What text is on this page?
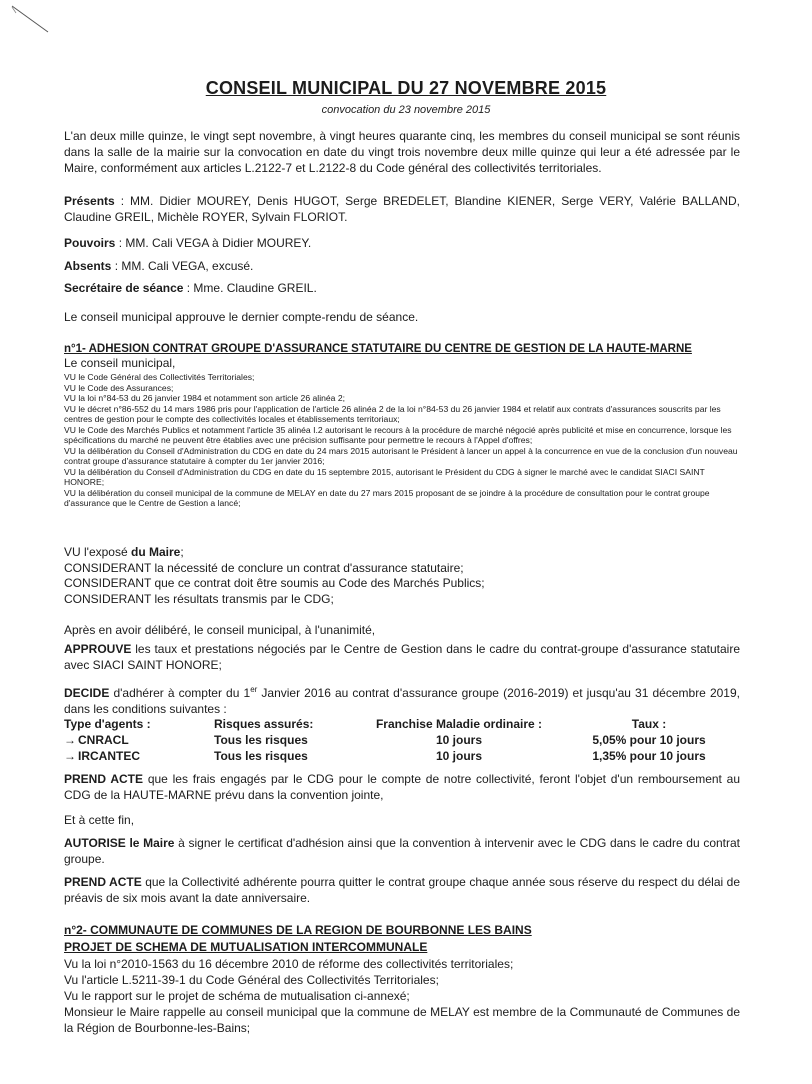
CONSEIL MUNICIPAL DU 27 NOVEMBRE 2015
convocation du 23 novembre 2015
L'an deux mille quinze, le vingt sept novembre, à vingt heures quarante cinq, les membres du conseil municipal se sont réunis dans la salle de la mairie sur la convocation en date du vingt trois novembre deux mille quinze qui leur a été adressée par le Maire, conformément aux articles L.2122-7 et L.2122-8 du Code général des collectivités territoriales.
Présents : MM. Didier MOUREY, Denis HUGOT, Serge BREDELET, Blandine KIENER, Serge VERY, Valérie BALLAND, Claudine GREIL, Michèle ROYER, Sylvain FLORIOT.
Pouvoirs : MM. Cali VEGA à Didier MOUREY.
Absents : MM. Cali VEGA, excusé.
Secrétaire de séance : Mme. Claudine GREIL.
Le conseil municipal approuve le dernier compte-rendu de séance.
n°1- ADHESION CONTRAT GROUPE D'ASSURANCE STATUTAIRE DU CENTRE DE GESTION DE LA HAUTE-MARNE
Le conseil municipal,

VU le Code Général des Collectivités Territoriales;

VU le Code des Assurances;

VU la loi n°84-53 du 26 janvier 1984 et notamment son article 26 alinéa 2;

VU le décret n°86-552 du 14 mars 1986 pris pour l'application de l'article 26 alinéa 2 de la loi n°84-53 du 26 janvier 1984 et relatif aux contrats d'assurances souscrits par les centres de gestion pour le compte des collectivités locales et établissements territoriaux;

VU le Code des Marchés Publics et notamment l'article 35 alinéa I.2 autorisant le recours à la procédure de marché négocié après publicité et mise en concurrence, lorsque les spécifications du marché ne peuvent être établies avec une précision suffisante pour permettre le recours à l'Appel d'offres;

VU la délibération du Conseil d'Administration du CDG en date du 24 mars 2015 autorisant le Président à lancer un appel à la concurrence en vue de la conclusion d'un nouveau contrat groupe d'assurance statutaire à compter du 1er janvier 2016;

VU la délibération du Conseil d'Administration du CDG en date du 15 septembre 2015, autorisant le Président du CDG à signer le marché avec le candidat SIACI SAINT HONORE;

VU la délibération du conseil municipal de la commune de MELAY en date du 27 mars 2015 proposant de se joindre à la procédure de consultation pour le contrat groupe d'assurance que le Centre de Gestion a lancé;

VU l'exposé du Maire;

CONSIDERANT la nécessité de conclure un contrat d'assurance statutaire;

CONSIDERANT que ce contrat doit être soumis au Code des Marchés Publics;

CONSIDERANT les résultats transmis par le CDG;

Après en avoir délibéré, le conseil municipal, à l'unanimité,
APPROUVE les taux et prestations négociés par le Centre de Gestion dans le cadre du contrat-groupe d'assurance statutaire avec SIACI SAINT HONORE;
DECIDE d'adhérer à compter du 1er Janvier 2016 au contrat d'assurance groupe (2016-2019) et jusqu'au 31 décembre 2019, dans les conditions suivantes :
Type d'agents :	Risques assurés:	Franchise Maladie ordinaire :	Taux :
→ CNRACL	Tous les risques	10 jours	5,05% pour 10 jours
→ IRCANTEC	Tous les risques	10 jours	1,35% pour 10 jours
PREND ACTE que les frais engagés par le CDG pour le compte de notre collectivité, feront l'objet d'un remboursement au CDG de la HAUTE-MARNE prévu dans la convention jointe,
Et à cette fin,
AUTORISE le Maire à signer le certificat d'adhésion ainsi que la convention à intervenir avec le CDG dans le cadre du contrat groupe.
PREND ACTE que la Collectivité adhérente pourra quitter le contrat groupe chaque année sous réserve du respect du délai de préavis de six mois avant la date anniversaire.
n°2- COMMUNAUTE DE COMMUNES DE LA REGION DE BOURBONNE LES BAINS
PROJET DE SCHEMA DE MUTUALISATION INTERCOMMUNALE

Vu la loi n°2010-1563 du 16 décembre 2010 de réforme des collectivités territoriales;

Vu l'article L.5211-39-1 du Code Général des Collectivités Territoriales;

Vu le rapport sur le projet de schéma de mutualisation ci-annexé;

Monsieur le Maire rappelle au conseil municipal que la commune de MELAY est membre de la Communauté de Communes de la Région de Bourbonne-les-Bains;
